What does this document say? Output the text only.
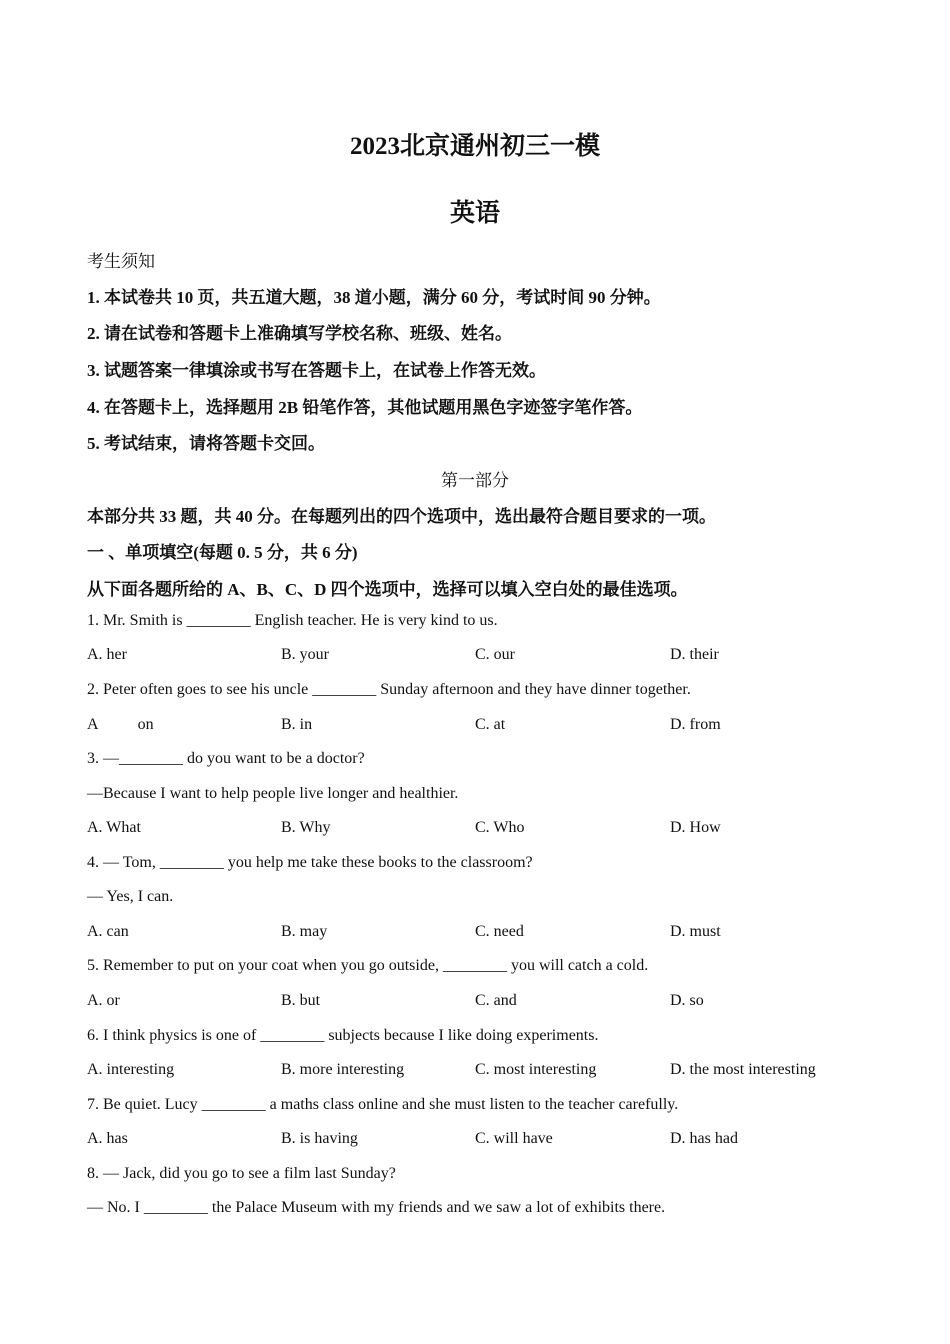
2023北京通州初三一模
英语
考生须知
1. 本试卷共 10 页，共五道大题，38 道小题，满分 60 分，考试时间 90 分钟。
2. 请在试卷和答题卡上准确填写学校名称、班级、姓名。
3. 试题答案一律填涂或书写在答题卡上，在试卷上作答无效。
4. 在答题卡上，选择题用 2B 铅笔作答，其他试题用黑色字迹签字笔作答。
5. 考试结束，请将答题卡交回。
第一部分
本部分共 33 题，共 40 分。在每题列出的四个选项中，选出最符合题目要求的一项。
一 、单项填空(每题 0. 5 分，共 6 分)
从下面各题所给的 A、B、C、D 四个选项中，选择可以填入空白处的最佳选项。
1. Mr. Smith is ________ English teacher. He is very kind to us.
A. her	B. your	C. our	D. their
2. Peter often goes to see his uncle ________ Sunday afternoon and they have dinner together.
A          on	B. in	C. at	D. from
3. —________ do you want to be a doctor?
—Because I want to help people live longer and healthier.
A. What	B. Why	C. Who	D. How
4. — Tom, ________ you help me take these books to the classroom?
— Yes, I can.
A. can	B. may	C. need	D. must
5. Remember to put on your coat when you go outside, ________ you will catch a cold.
A. or	B. but	C. and	D. so
6. I think physics is one of ________ subjects because I like doing experiments.
A. interesting	B. more interesting	C. most interesting	D. the most interesting
7. Be quiet. Lucy ________ a maths class online and she must listen to the teacher carefully.
A. has	B. is having	C. will have	D. has had
8. — Jack, did you go to see a film last Sunday?
— No. I ________ the Palace Museum with my friends and we saw a lot of exhibits there.
